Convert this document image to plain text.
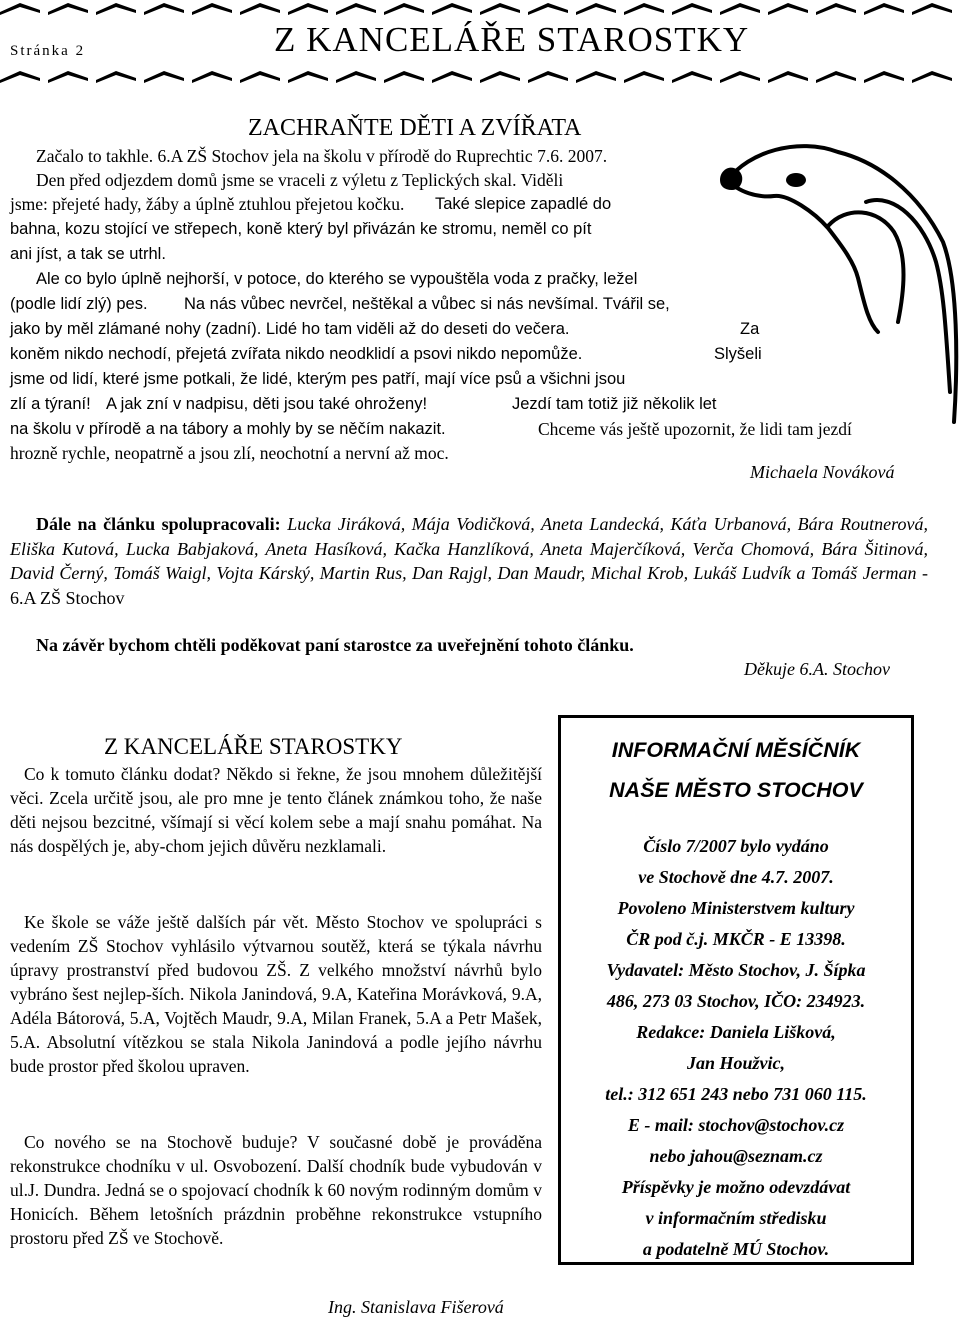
Stránka 2	Z KANCELÁŘE STAROSTKY
ZACHRAŇTE DĚTI A ZVÍŘATA
Začalo to takhle. 6.A ZŠ Stochov jela na školu v přírodě do Ruprechtic 7.6. 2007.
Den před odjezdem domů jsme se vraceli z výletu z Teplických skal. Viděli
jsme: přejeté hady, žáby a úplně ztuhlou přejetou kočku. Také slepice zapadlé do
bahna, kozu stojící ve střepech, koně který byl přivázán ke stromu, neměl co pít
ani jíst, a tak se utrhl.
Ale co bylo úplně nejhorší, v potoce, do kterého se vypouštěla voda z pračky, ležel
(podle lidí zlý) pes. Na nás vůbec nevrčel, neštěkal a vůbec si nás nevšímal. Tvářil se,
jako by měl zlámané nohy (zadní). Lidé ho tam viděli až do deseti do večera.	Za
koněm nikdo nechodí, přejetá zvířata nikdo neodklidí a psovi nikdo nepomůže.	Slyšeli
jsme od lidí, které jsme potkali, že lidé, kterým pes patří, mají více psů a všichni jsou
zlí a týraní! A jak zní v nadpisu, děti jsou také ohroženy!	Jezdí tam totiž již několik let
na školu v přírodě a na tábory a mohly by se něčím nakazit.	Chceme vás ještě upozornit, že lidi tam jezdí
hrozně rychle, neopatrně a jsou zlí, neochotní a nervní až moc.
Michaela Nováková
Dále na článku spolupracovali: Lucka Jiráková, Mája Vodičková, Aneta Landecká, Káťa Urbanová, Bára Routnerová, Eliška Kutová, Lucka Babjaková, Aneta Hasíková, Kačka Hanzlíková, Aneta Majerčíková, Verča Chomová, Bára Šitinová, David Černý, Tomáš Waigl, Vojta Kárský, Martin Rus, Dan Rajgl, Dan Maudr, Michal Krob, Lukáš Ludvík a Tomáš Jerman - 6.A ZŠ Stochov
Na závěr bychom chtěli poděkovat paní starostce za uveřejnění tohoto článku.
Děkuje 6.A. Stochov
Z KANCELÁŘE STAROSTKY
Co k tomuto článku dodat? Někdo si řekne, že jsou mnohem důležitější věci. Zcela určitě jsou, ale pro mne je tento článek známkou toho, že naše děti nejsou bezcitné, všímají si věcí kolem sebe a mají snahu pomáhat. Na nás dospělých je, aby-chom jejich důvěru nezklamali.
Ke škole se váže ještě dalších pár vět. Město Stochov ve spolupráci s vedením ZŠ Stochov vyhlásilo výtvarnou soutěž, která se týkala návrhu úpravy prostranství před budovou ZŠ. Z velkého množství návrhů bylo vybráno šest nejlep-ších. Nikola Janindová, 9.A, Kateřina Morávková, 9.A, Adéla Bátorová, 5.A, Vojtěch Maudr, 9.A, Milan Franek, 5.A a Petr Mašek, 5.A. Absolutní vítězkou se stala Nikola Janindová a podle jejího návrhu bude prostor před školou upraven.
Co nového se na Stochově buduje? V současné době je prováděna rekonstrukce chodníku v ul. Osvobození. Další chodník bude vybudován v ul.J. Dundra. Jedná se o spojovací chodník k 60 novým rodinným domům v Honicích. Během letošních prázdnin proběhne rekonstrukce vstupního prostoru před ZŠ ve Stochově.
Ing. Stanislava Fišerová
INFORMAČNÍ MĚSÍČNÍK
NAŠE MĚSTO STOCHOV
Číslo 7/2007 bylo vydáno
ve Stochově dne 4.7. 2007.
Povoleno Ministerstvem kultury
ČR pod č.j. MKČR - E 13398.
Vydavatel: Město Stochov, J. Šípka
486, 273 03 Stochov, IČO: 234923.
Redakce: Daniela Lišková,
Jan Houžvic,
tel.: 312 651 243 nebo 731 060 115.
E - mail: stochov@stochov.cz
nebo jahou@seznam.cz
Příspěvky je možno odevzdávat
v informačním středisku
a podatelně MÚ Stochov.
